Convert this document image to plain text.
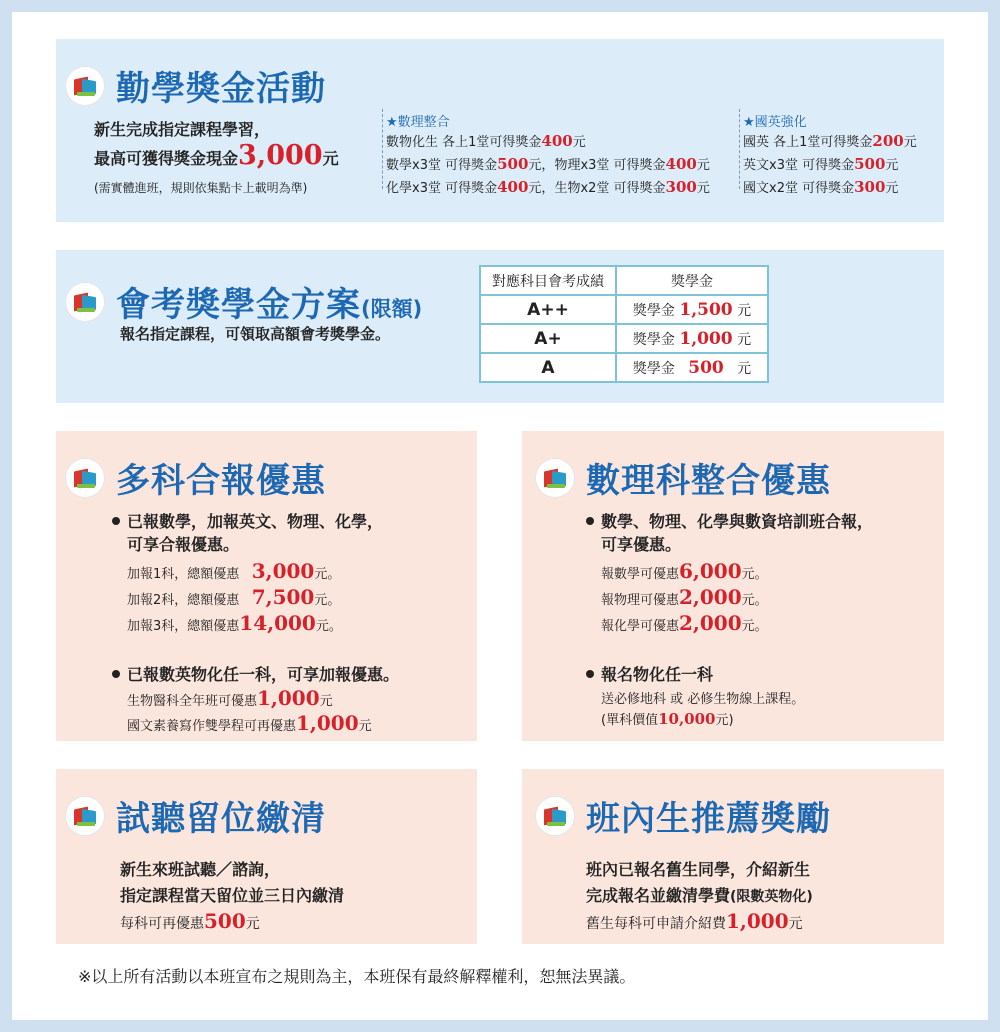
勤學獎金活動
新生完成指定課程學習，
最高可獲得獎金現金3,000元
(需實體進班，規則依集點卡上載明為準)
★數理整合
數物化生 各上1堂可得獎金400元
數學x3堂 可得獎金500元，物理x3堂 可得獎金400元
化學x3堂 可得獎金400元，生物x2堂 可得獎金300元
★國英強化
國英 各上1堂可得獎金200元
英文x3堂 可得獎金500元
國文x2堂 可得獎金300元
會考獎學金方案(限額)
報名指定課程，可領取高額會考獎學金。
對應科目會考成績	獎學金
A++	獎學金 1,500 元
A+	獎學金 1,000 元
A	獎學金 500 元
多科合報優惠
已報數學，加報英文、物理、化學，
可享合報優惠。
加報1科，總額優惠 3,000元。
加報2科，總額優惠 7,500元。
加報3科，總額優惠14,000元。
已報數英物化任一科，可享加報優惠。
生物醫科全年班可優惠1,000元
國文素養寫作雙學程可再優惠1,000元
數理科整合優惠
數學、物理、化學與數資培訓班合報，
可享優惠。
報數學可優惠6,000元。
報物理可優惠2,000元。
報化學可優惠2,000元。
報名物化任一科
送必修地科 或 必修生物線上課程。
(單科價值10,000元)
試聽留位繳清
新生來班試聽／諮詢，
指定課程當天留位並三日內繳清
每科可再優惠500元
班內生推薦獎勵
班內已報名舊生同學，介紹新生
完成報名並繳清學費(限數英物化)
舊生每科可申請介紹費1,000元
※以上所有活動以本班宣布之規則為主，本班保有最終解釋權利，恕無法異議。
